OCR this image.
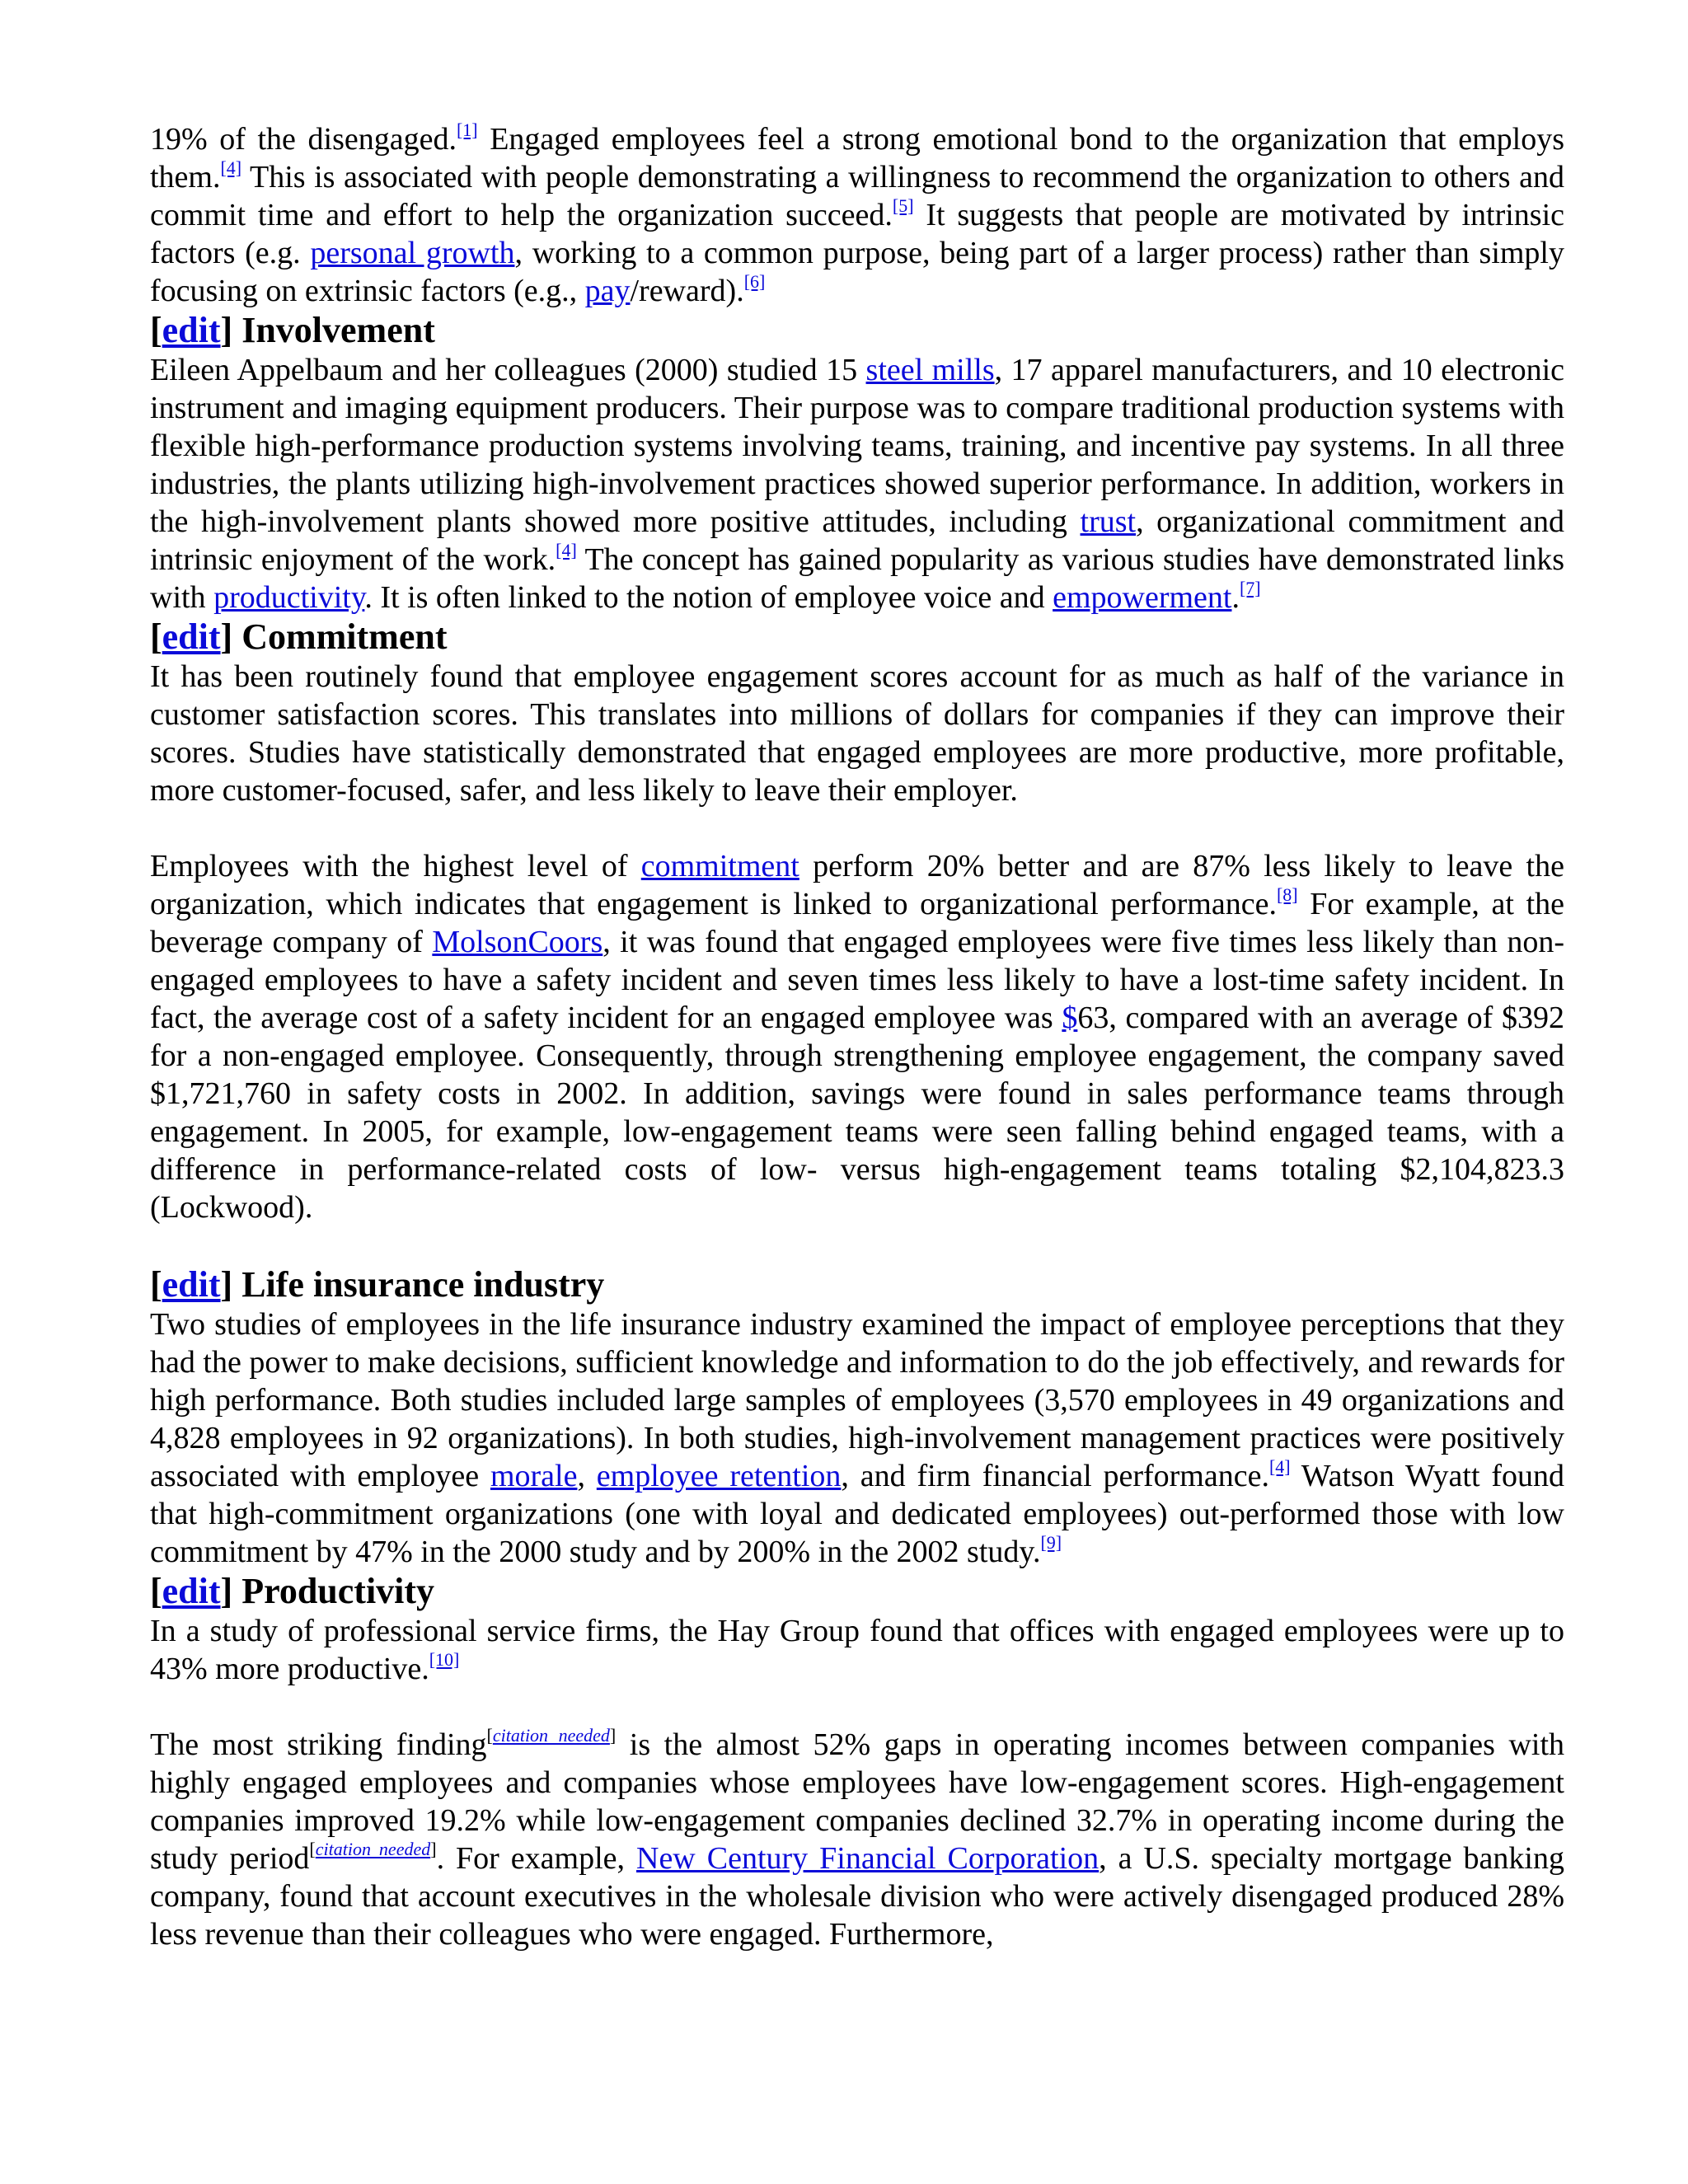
19% of the disengaged.[1] Engaged employees feel a strong emotional bond to the organization that employs them.[4] This is associated with people demonstrating a willingness to recommend the organization to others and commit time and effort to help the organization succeed.[5] It suggests that people are motivated by intrinsic factors (e.g. personal growth, working to a common purpose, being part of a larger process) rather than simply focusing on extrinsic factors (e.g., pay/reward).[6]

[edit] Involvement

Eileen Appelbaum and her colleagues (2000) studied 15 steel mills, 17 apparel manufacturers, and 10 electronic instrument and imaging equipment producers. Their purpose was to compare traditional production systems with flexible high-performance production systems involving teams, training, and incentive pay systems. In all three industries, the plants utilizing high-involvement practices showed superior performance. In addition, workers in the high-involvement plants showed more positive attitudes, including trust, organizational commitment and intrinsic enjoyment of the work.[4] The concept has gained popularity as various studies have demonstrated links with productivity. It is often linked to the notion of employee voice and empowerment.[7]

[edit] Commitment

It has been routinely found that employee engagement scores account for as much as half of the variance in customer satisfaction scores. This translates into millions of dollars for companies if they can improve their scores. Studies have statistically demonstrated that engaged employees are more productive, more profitable, more customer-focused, safer, and less likely to leave their employer.

Employees with the highest level of commitment perform 20% better and are 87% less likely to leave the organization, which indicates that engagement is linked to organizational performance.[8] For example, at the beverage company of MolsonCoors, it was found that engaged employees were five times less likely than non-engaged employees to have a safety incident and seven times less likely to have a lost-time safety incident. In fact, the average cost of a safety incident for an engaged employee was $63, compared with an average of $392 for a non-engaged employee. Consequently, through strengthening employee engagement, the company saved $1,721,760 in safety costs in 2002. In addition, savings were found in sales performance teams through engagement. In 2005, for example, low-engagement teams were seen falling behind engaged teams, with a difference in performance-related costs of low- versus high-engagement teams totaling $2,104,823.3 (Lockwood).

[edit] Life insurance industry

Two studies of employees in the life insurance industry examined the impact of employee perceptions that they had the power to make decisions, sufficient knowledge and information to do the job effectively, and rewards for high performance. Both studies included large samples of employees (3,570 employees in 49 organizations and 4,828 employees in 92 organizations). In both studies, high-involvement management practices were positively associated with employee morale, employee retention, and firm financial performance.[4] Watson Wyatt found that high-commitment organizations (one with loyal and dedicated employees) out-performed those with low commitment by 47% in the 2000 study and by 200% in the 2002 study.[9]

[edit] Productivity

In a study of professional service firms, the Hay Group found that offices with engaged employees were up to 43% more productive.[10]

The most striking finding[citation needed] is the almost 52% gaps in operating incomes between companies with highly engaged employees and companies whose employees have low-engagement scores. High-engagement companies improved 19.2% while low-engagement companies declined 32.7% in operating income during the study period[citation needed]. For example, New Century Financial Corporation, a U.S. specialty mortgage banking company, found that account executives in the wholesale division who were actively disengaged produced 28% less revenue than their colleagues who were engaged. Furthermore,
